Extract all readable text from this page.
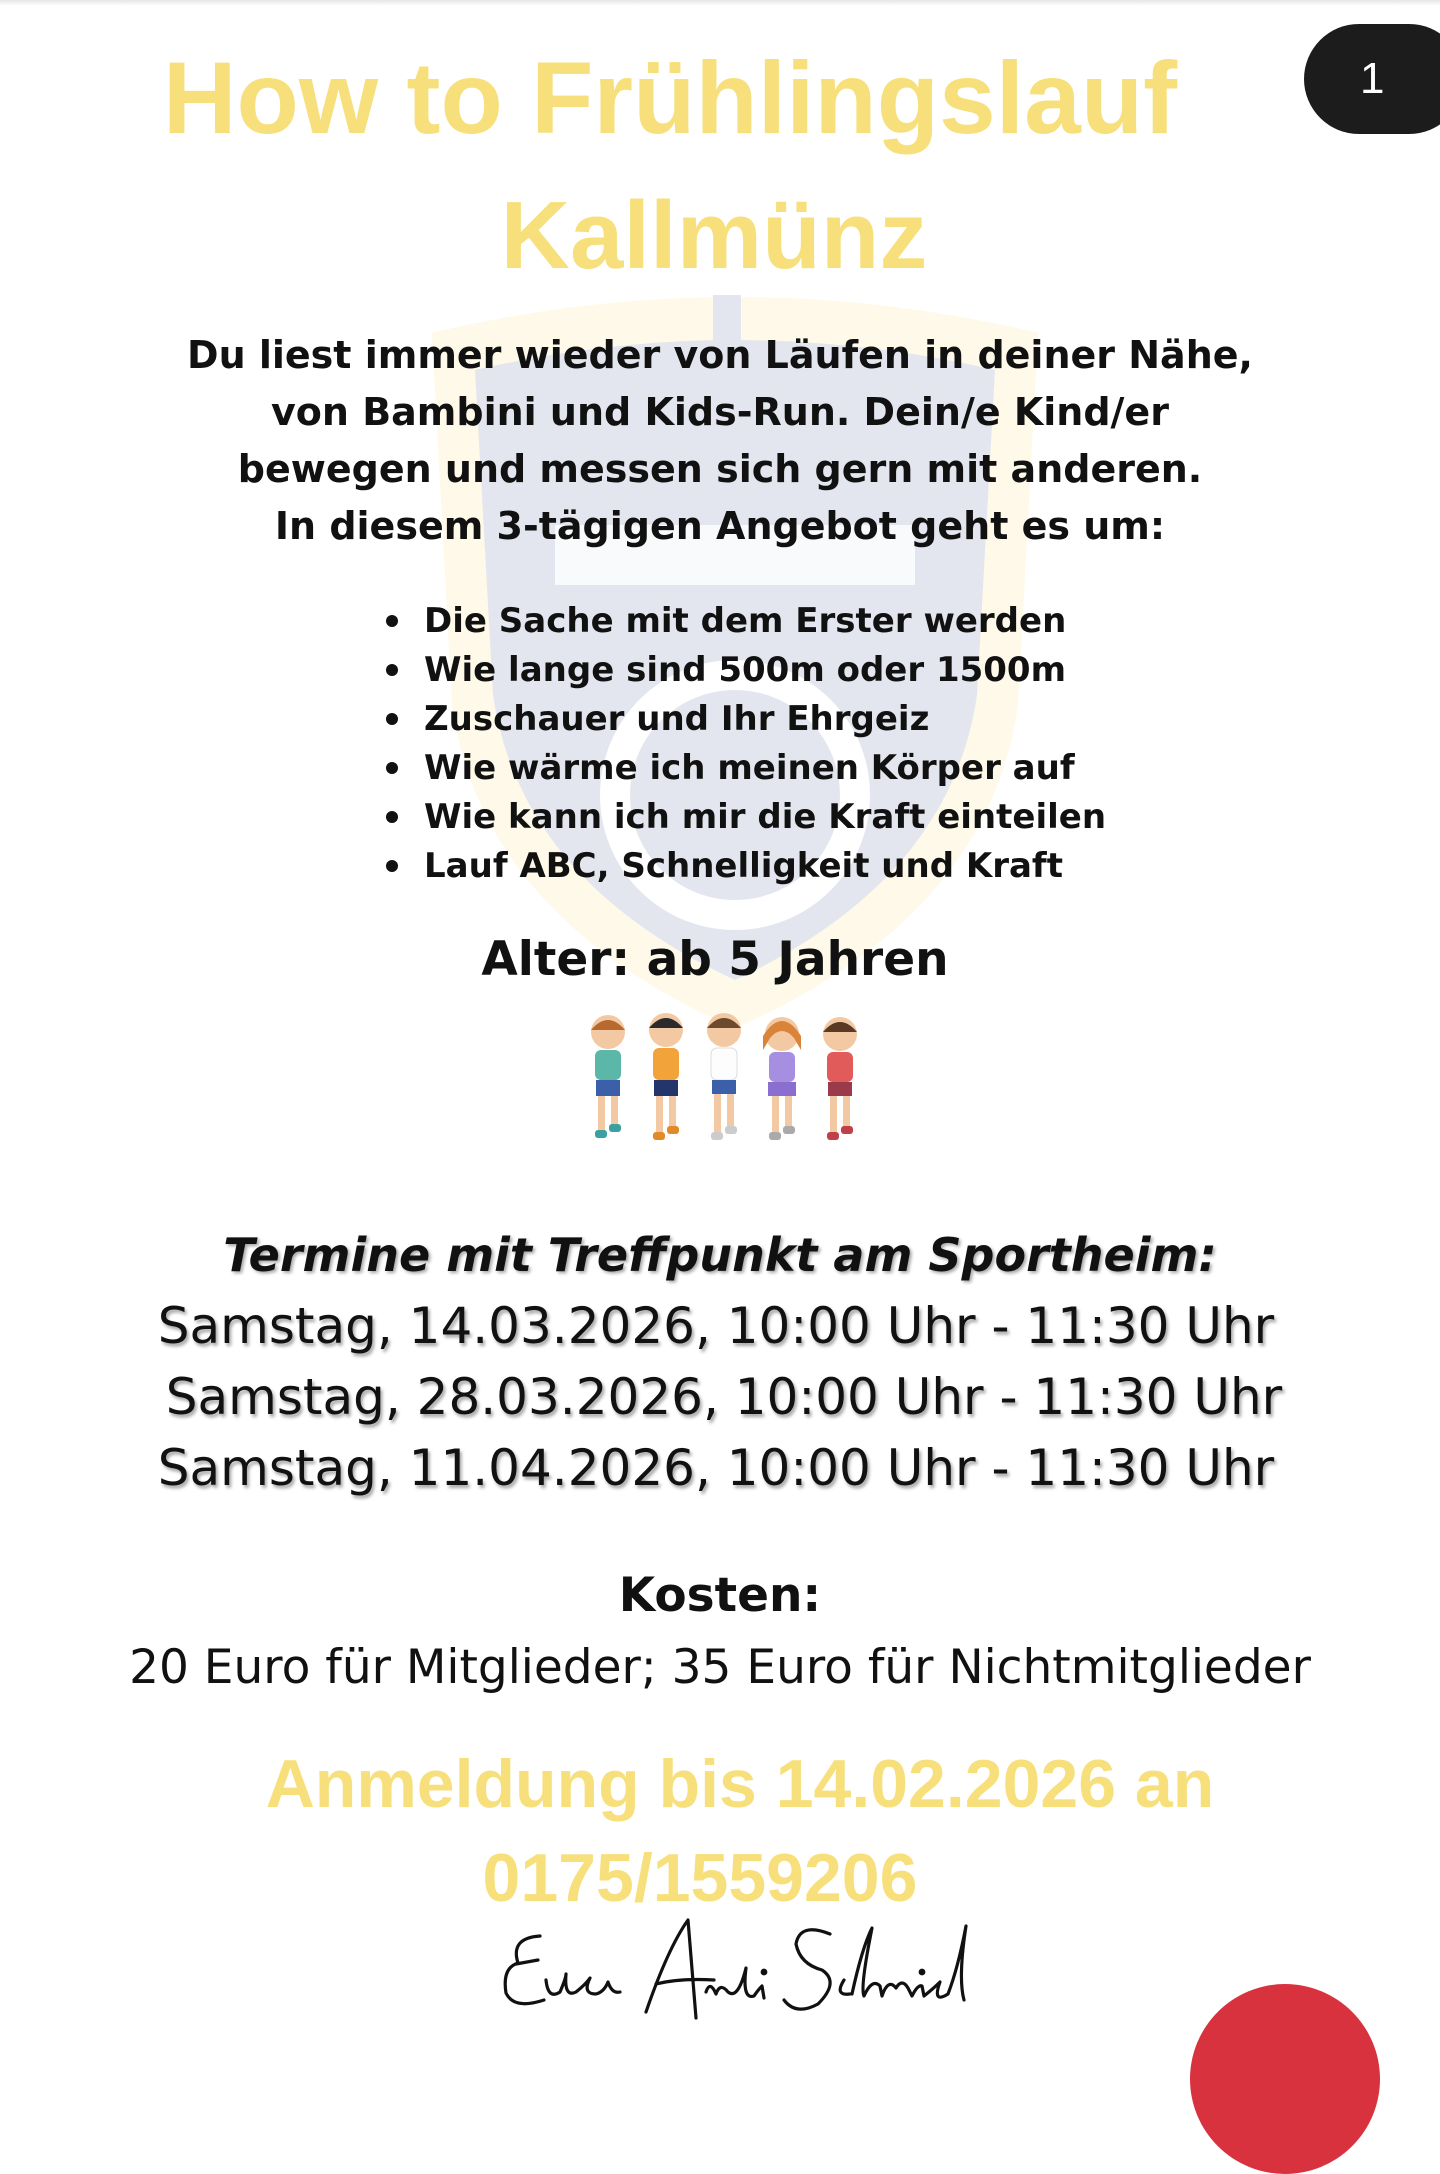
1
How to Frühlingslauf
Kallmünz
Du liest immer wieder von Läufen in deiner Nähe,
von Bambini und Kids-Run. Dein/e Kind/er
bewegen und messen sich gern mit anderen.
In diesem 3-tägigen Angebot geht es um:
Die Sache mit dem Erster werden
Wie lange sind 500m oder 1500m
Zuschauer und Ihr Ehrgeiz
Wie wärme ich meinen Körper auf
Wie kann ich mir die Kraft einteilen
Lauf ABC, Schnelligkeit und Kraft
Alter: ab 5 Jahren
Termine mit Treffpunkt am Sportheim:
Samstag, 14.03.2026, 10:00 Uhr - 11:30 Uhr
Samstag, 28.03.2026, 10:00 Uhr - 11:30 Uhr
Samstag, 11.04.2026, 10:00 Uhr - 11:30 Uhr
Kosten:
20 Euro für Mitglieder; 35 Euro für Nichtmitglieder
Anmeldung bis 14.02.2026 an
0175/1559206
